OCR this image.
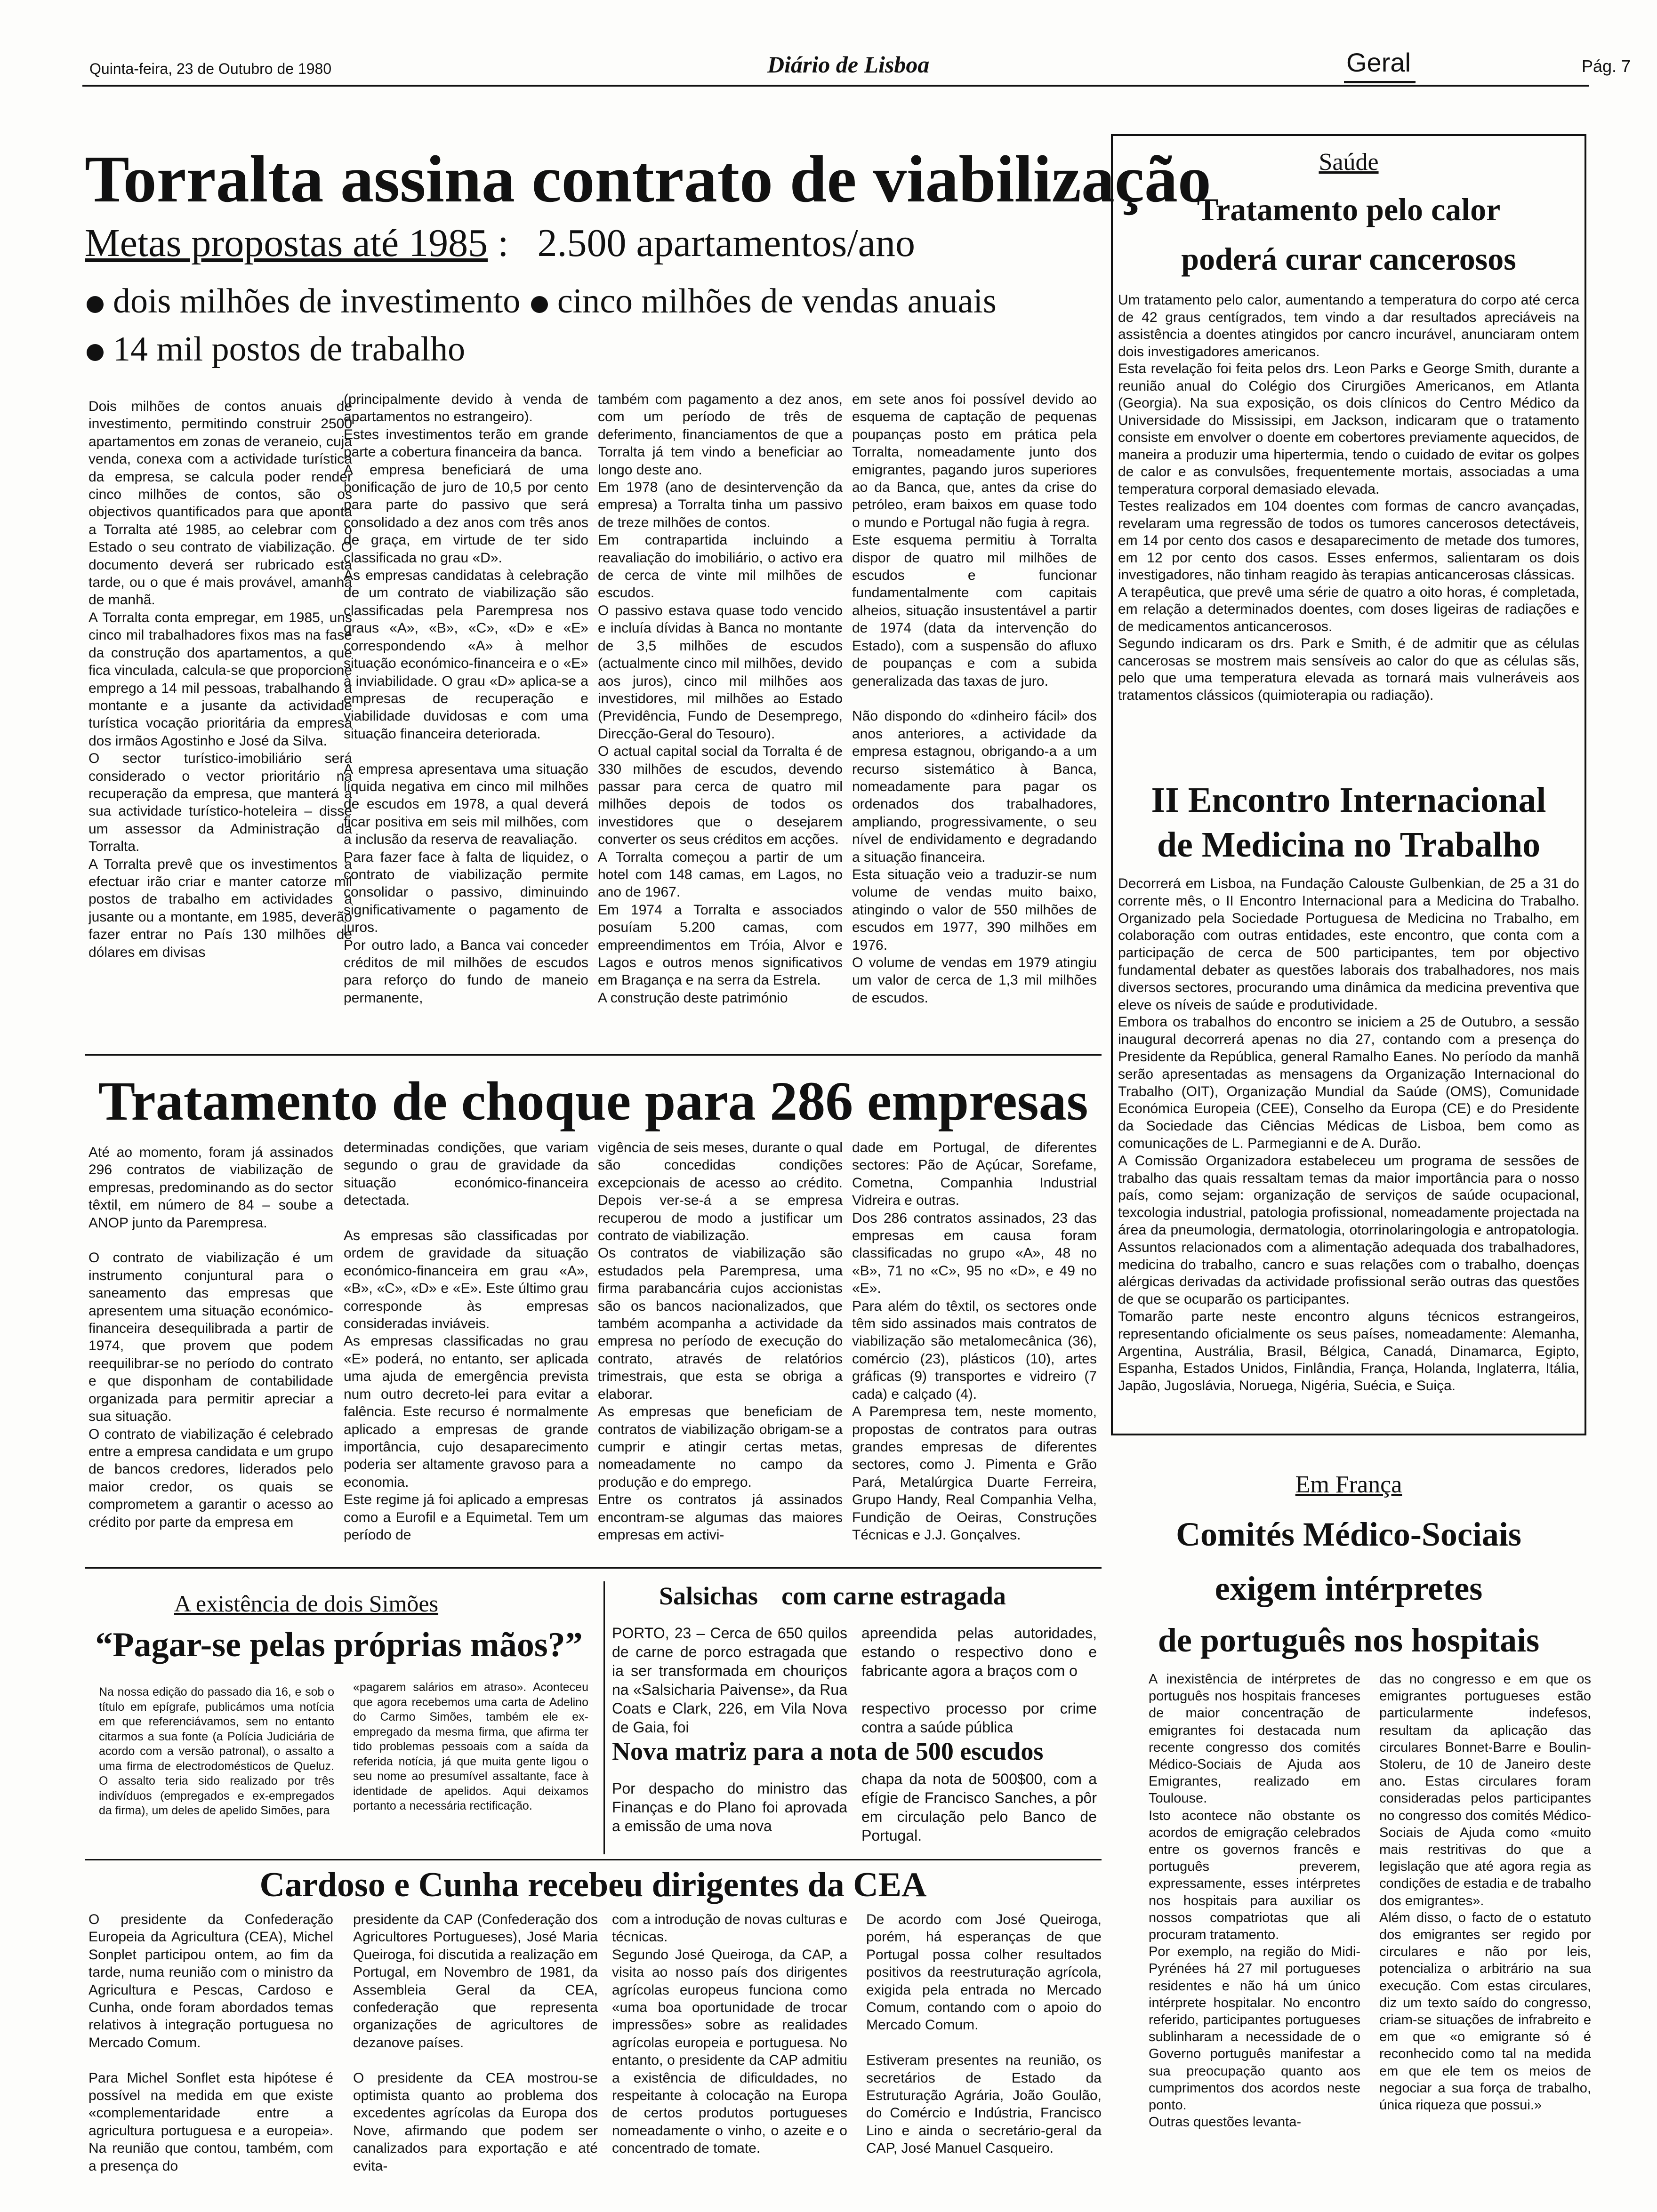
Quinta-feira, 23 de Outubro de 1980	Diário de Lisboa	Geral	Pág. 7
Torralta assina contrato de viabilização
Metas propostas até 1985 : 2.500 apartamentos/ano
dois milhões de investimento cinco milhões de vendas anuais
14 mil postos de trabalho
Dois milhões de contos anuais de investimento, permitindo construir 2500 apartamentos em zonas de veraneio, cuja venda, conexa com a actividade turística da empresa, se calcula poder render cinco milhões de contos, são os objectivos quantificados para que aponta a Torralta até 1985, ao celebrar com o Estado o seu contrato de viabilização. O documento deverá ser rubricado esta tarde, ou o que é mais provável, amanhã de manhã.
A Torralta conta empregar, em 1985, uns cinco mil trabalhadores fixos mas na fase da construção dos apartamentos, a que fica vinculada, calcula-se que proporcione emprego a 14 mil pessoas, trabalhando a montante e a jusante da actividade turística vocação prioritária da empresa dos irmãos Agostinho e José da Silva.
O sector turístico-imobiliário será considerado o vector prioritário na recuperação da empresa, que manterá a sua actividade turístico-hoteleira – disse um assessor da Administração da Torralta.
A Torralta prevê que os investimentos a efectuar irão criar e manter catorze mil postos de trabalho em actividades a jusante ou a montante, em 1985, deverão fazer entrar no País 130 milhões de dólares em divisas
(principalmente devido à venda de apartamentos no estrangeiro).
Estes investimentos terão em grande parte a cobertura financeira da banca.
A empresa beneficiará de uma bonificação de juro de 10,5 por cento para parte do passivo que será consolidado a dez anos com três anos de graça, em virtude de ter sido classificada no grau «D».
As empresas candidatas à celebração de um contrato de viabilização são classificadas pela Parempresa nos graus «A», «B», «C», «D» e «E» correspondendo «A» à melhor situação económico-financeira e o «E» à inviabilidade. O grau «D» aplica-se a empresas de recuperação e viabilidade duvidosas e com uma situação financeira deteriorada.

A empresa apresentava uma situação líquida negativa em cinco mil milhões de escudos em 1978, a qual deverá ficar positiva em seis mil milhões, com a inclusão da reserva de reavaliação.
Para fazer face à falta de liquidez, o contrato de viabilização permite consolidar o passivo, diminuindo significativamente o pagamento de juros.
Por outro lado, a Banca vai conceder créditos de mil milhões de escudos para reforço do fundo de maneio permanente,
também com pagamento a dez anos, com um período de três de deferimento, financiamentos de que a Torralta já tem vindo a beneficiar ao longo deste ano.
Em 1978 (ano de desintervenção da empresa) a Torralta tinha um passivo de treze milhões de contos.
Em contrapartida incluindo a reavaliação do imobiliário, o activo era de cerca de vinte mil milhões de escudos.
O passivo estava quase todo vencido e incluía dívidas à Banca no montante de 3,5 milhões de escudos (actualmente cinco mil milhões, devido aos juros), cinco mil milhões aos investidores, mil milhões ao Estado (Previdência, Fundo de Desemprego, Direcção-Geral do Tesouro).
O actual capital social da Torralta é de 330 milhões de escudos, devendo passar para cerca de quatro mil milhões depois de todos os investidores que o desejarem converter os seus créditos em acções.
A Torralta começou a partir de um hotel com 148 camas, em Lagos, no ano de 1967.
Em 1974 a Torralta e associados posuíam 5.200 camas, com empreendimentos em Tróia, Alvor e Lagos e outros menos significativos em Bragança e na serra da Estrela.
A construção deste património
em sete anos foi possível devido ao esquema de captação de pequenas poupanças posto em prática pela Torralta, nomeadamente junto dos emigrantes, pagando juros superiores ao da Banca, que, antes da crise do petróleo, eram baixos em quase todo o mundo e Portugal não fugia à regra.
Este esquema permitiu à Torralta dispor de quatro mil milhões de escudos e funcionar fundamentalmente com capitais alheios, situação insustentável a partir de 1974 (data da intervenção do Estado), com a suspensão do afluxo de poupanças e com a subida generalizada das taxas de juro.

Não dispondo do «dinheiro fácil» dos anos anteriores, a actividade da empresa estagnou, obrigando-a a um recurso sistemático à Banca, nomeadamente para pagar os ordenados dos trabalhadores, ampliando, progressivamente, o seu nível de endividamento e degradando a situação financeira.
Esta situação veio a traduzir-se num volume de vendas muito baixo, atingindo o valor de 550 milhões de escudos em 1977, 390 milhões em 1976.
O volume de vendas em 1979 atingiu um valor de cerca de 1,3 mil milhões de escudos.
Tratamento de choque para 286 empresas
Até ao momento, foram já assinados 296 contratos de viabilização de empresas, predominando as do sector têxtil, em número de 84 – soube a ANOP junto da Parempresa.

O contrato de viabilização é um instrumento conjuntural para o saneamento das empresas que apresentem uma situação económico-financeira desequilibrada a partir de 1974, que provem que podem reequilibrar-se no período do contrato e que disponham de contabilidade organizada para permitir apreciar a sua situação.
O contrato de viabilização é celebrado entre a empresa candidata e um grupo de bancos credores, liderados pelo maior credor, os quais se comprometem a garantir o acesso ao crédito por parte da empresa em
determinadas condições, que variam segundo o grau de gravidade da situação económico-financeira detectada.

As empresas são classificadas por ordem de gravidade da situação económico-financeira em grau «A», «B», «C», «D» e «E». Este último grau corresponde às empresas consideradas inviáveis.
As empresas classificadas no grau «E» poderá, no entanto, ser aplicada uma ajuda de emergência prevista num outro decreto-lei para evitar a falência. Este recurso é normalmente aplicado a empresas de grande importância, cujo desaparecimento poderia ser altamente gravoso para a economia.
Este regime já foi aplicado a empresas como a Eurofil e a Equimetal. Tem um período de
vigência de seis meses, durante o qual são concedidas condições excepcionais de acesso ao crédito. Depois ver-se-á a se empresa recuperou de modo a justificar um contrato de viabilização.
Os contratos de viabilização são estudados pela Parempresa, uma firma parabancária cujos accionistas são os bancos nacionalizados, que também acompanha a actividade da empresa no período de execução do contrato, através de relatórios trimestrais, que esta se obriga a elaborar.
As empresas que beneficiam de contratos de viabilização obrigam-se a cumprir e atingir certas metas, nomeadamente no campo da produção e do emprego.
Entre os contratos já assinados encontram-se algumas das maiores empresas em activi-
dade em Portugal, de diferentes sectores: Pão de Açúcar, Sorefame, Cometna, Companhia Industrial Vidreira e outras.
Dos 286 contratos assinados, 23 das empresas em causa foram classificadas no grupo «A», 48 no «B», 71 no «C», 95 no «D», e 49 no «E».
Para além do têxtil, os sectores onde têm sido assinados mais contratos de viabilização são metalomecânica (36), comércio (23), plásticos (10), artes gráficas (9) transportes e vidreiro (7 cada) e calçado (4).
A Parempresa tem, neste momento, propostas de contratos para outras grandes empresas de diferentes sectores, como J. Pimenta e Grão Pará, Metalúrgica Duarte Ferreira, Grupo Handy, Real Companhia Velha, Fundição de Oeiras, Construções Técnicas e J.J. Gonçalves.
A existência de dois Simões
“Pagar-se pelas próprias mãos?”
Na nossa edição do passado dia 16, e sob o título em epígrafe, publicámos uma notícia em que referenciávamos, sem no entanto citarmos a sua fonte (a Polícia Judiciária de acordo com a versão patronal), o assalto a uma firma de electrodomésticos de Queluz. O assalto teria sido realizado por três indivíduos (empregados e ex-empregados da firma), um deles de apelido Simões, para
«pagarem salários em atraso». Aconteceu que agora recebemos uma carta de Adelino do Carmo Simões, também ele ex-empregado da mesma firma, que afirma ter tido problemas pessoais com a saída da referida notícia, já que muita gente ligou o seu nome ao presumível assaltante, face à identidade de apelidos. Aqui deixamos portanto a necessária rectificação.
Salsichas com carne estragada
PORTO, 23 – Cerca de 650 quilos de carne de porco estragada que ia ser transformada em chouriços na «Salsicharia Paivense», da Rua Coats e Clark, 226, em Vila Nova de Gaia, foi
apreendida pelas autoridades, estando o respectivo dono e fabricante agora a braços com o

respectivo processo por crime contra a saúde pública
Nova matriz para a nota de 500 escudos
Por despacho do ministro das Finanças e do Plano foi aprovada a emissão de uma nova
chapa da nota de 500$00, com a efígie de Francisco Sanches, a pôr em circulação pelo Banco de Portugal.
Cardoso e Cunha recebeu dirigentes da CEA
O presidente da Confederação Europeia da Agricultura (CEA), Michel Sonplet participou ontem, ao fim da tarde, numa reunião com o ministro da Agricultura e Pescas, Cardoso e Cunha, onde foram abordados temas relativos à integração portuguesa no Mercado Comum.

Para Michel Sonflet esta hipótese é possível na medida em que existe «complementaridade entre a agricultura portuguesa e a europeia». Na reunião que contou, também, com a presença do
presidente da CAP (Confederação dos Agricultores Portugueses), José Maria Queiroga, foi discutida a realização em Portugal, em Novembro de 1981, da Assembleia Geral da CEA, confederação que representa organizações de agricultores de dezanove países.

O presidente da CEA mostrou-se optimista quanto ao problema dos excedentes agrícolas da Europa dos Nove, afirmando que podem ser canalizados para exportação e até evita-
com a introdução de novas culturas e técnicas.
Segundo José Queiroga, da CAP, a visita ao nosso país dos dirigentes agrícolas europeus funciona como «uma boa oportunidade de trocar impressões» sobre as realidades agrícolas europeia e portuguesa. No entanto, o presidente da CAP admitiu a existência de dificuldades, no respeitante à colocação na Europa de certos produtos portugueses nomeadamente o vinho, o azeite e o concentrado de tomate.
De acordo com José Queiroga, porém, há esperanças de que Portugal possa colher resultados positivos da reestruturação agrícola, exigida pela entrada no Mercado Comum, contando com o apoio do Mercado Comum.

Estiveram presentes na reunião, os secretários de Estado da Estruturação Agrária, João Goulão, do Comércio e Indústria, Francisco Lino e ainda o secretário-geral da CAP, José Manuel Casqueiro.
Saúde
Tratamento pelo calor
poderá curar cancerosos
Um tratamento pelo calor, aumentando a temperatura do corpo até cerca de 42 graus centígrados, tem vindo a dar resultados apreciáveis na assistência a doentes atingidos por cancro incurável, anunciaram ontem dois investigadores americanos.
Esta revelação foi feita pelos drs. Leon Parks e George Smith, durante a reunião anual do Colégio dos Cirurgiões Americanos, em Atlanta (Georgia). Na sua exposição, os dois clínicos do Centro Médico da Universidade do Mississipi, em Jackson, indicaram que o tratamento consiste em envolver o doente em cobertores previamente aquecidos, de maneira a produzir uma hipertermia, tendo o cuidado de evitar os golpes de calor e as convulsões, frequentemente mortais, associadas a uma temperatura corporal demasiado elevada.
Testes realizados em 104 doentes com formas de cancro avançadas, revelaram uma regressão de todos os tumores cancerosos detectáveis, em 14 por cento dos casos e desaparecimento de metade dos tumores, em 12 por cento dos casos. Esses enfermos, salientaram os dois investigadores, não tinham reagido às terapias anticancerosas clássicas.
A terapêutica, que prevê uma série de quatro a oito horas, é completada, em relação a determinados doentes, com doses ligeiras de radiações e de medicamentos anticancerosos.
Segundo indicaram os drs. Park e Smith, é de admitir que as células cancerosas se mostrem mais sensíveis ao calor do que as células sãs, pelo que uma temperatura elevada as tornará mais vulneráveis aos tratamentos clássicos (quimioterapia ou radiação).
II Encontro Internacional
de Medicina no Trabalho
Decorrerá em Lisboa, na Fundação Calouste Gulbenkian, de 25 a 31 do corrente mês, o II Encontro Internacional para a Medicina do Trabalho. Organizado pela Sociedade Portuguesa de Medicina no Trabalho, em colaboração com outras entidades, este encontro, que conta com a participação de cerca de 500 participantes, tem por objectivo fundamental debater as questões laborais dos trabalhadores, nos mais diversos sectores, procurando uma dinâmica da medicina preventiva que eleve os níveis de saúde e produtividade.
Embora os trabalhos do encontro se iniciem a 25 de Outubro, a sessão inaugural decorrerá apenas no dia 27, contando com a presença do Presidente da República, general Ramalho Eanes. No período da manhã serão apresentadas as mensagens da Organização Internacional do Trabalho (OIT), Organização Mundial da Saúde (OMS), Comunidade Económica Europeia (CEE), Conselho da Europa (CE) e do Presidente da Sociedade das Ciências Médicas de Lisboa, bem como as comunicações de L. Parmegianni e de A. Durão.
A Comissão Organizadora estabeleceu um programa de sessões de trabalho das quais ressaltam temas da maior importância para o nosso país, como sejam: organização de serviços de saúde ocupacional, texcologia industrial, patologia profissional, nomeadamente projectada na área da pneumologia, dermatologia, otorrinolaringologia e antropatologia. Assuntos relacionados com a alimentação adequada dos trabalhadores, medicina do trabalho, cancro e suas relações com o trabalho, doenças alérgicas derivadas da actividade profissional serão outras das questões de que se ocuparão os participantes.
Tomarão parte neste encontro alguns técnicos estrangeiros, representando oficialmente os seus países, nomeadamente: Alemanha, Argentina, Austrália, Brasil, Bélgica, Canadá, Dinamarca, Egipto, Espanha, Estados Unidos, Finlândia, França, Holanda, Inglaterra, Itália, Japão, Jugoslávia, Noruega, Nigéria, Suécia, e Suiça.
Em França
Comités Médico-Sociais
exigem intérpretes
de português nos hospitais
A inexistência de intérpretes de português nos hospitais franceses de maior concentração de emigrantes foi destacada num recente congresso dos comités Médico-Sociais de Ajuda aos Emigrantes, realizado em Toulouse.
Isto acontece não obstante os acordos de emigração celebrados entre os governos francês e português preverem, expressamente, esses intérpretes nos hospitais para auxiliar os nossos compatriotas que ali procuram tratamento.
Por exemplo, na região do Midi-Pyrénées há 27 mil portugueses residentes e não há um único intérprete hospitalar. No encontro referido, participantes portugueses sublinharam a necessidade de o Governo português manifestar a sua preocupação quanto aos cumprimentos dos acordos neste ponto.
Outras questões levanta-
das no congresso e em que os emigrantes portugueses estão particularmente indefesos, resultam da aplicação das circulares Bonnet-Barre e Boulin-Stoleru, de 10 de Janeiro deste ano. Estas circulares foram consideradas pelos participantes no congresso dos comités Médico-Sociais de Ajuda como «muito mais restritivas do que a legislação que até agora regia as condições de estadia e de trabalho dos emigrantes».
Além disso, o facto de o estatuto dos emigrantes ser regido por circulares e não por leis, potencializa o arbitrário na sua execução. Com estas circulares, diz um texto saído do congresso, criam-se situações de infrabreito e em que «o emigrante só é reconhecido como tal na medida em que ele tem os meios de negociar a sua força de trabalho, única riqueza que possui.»
